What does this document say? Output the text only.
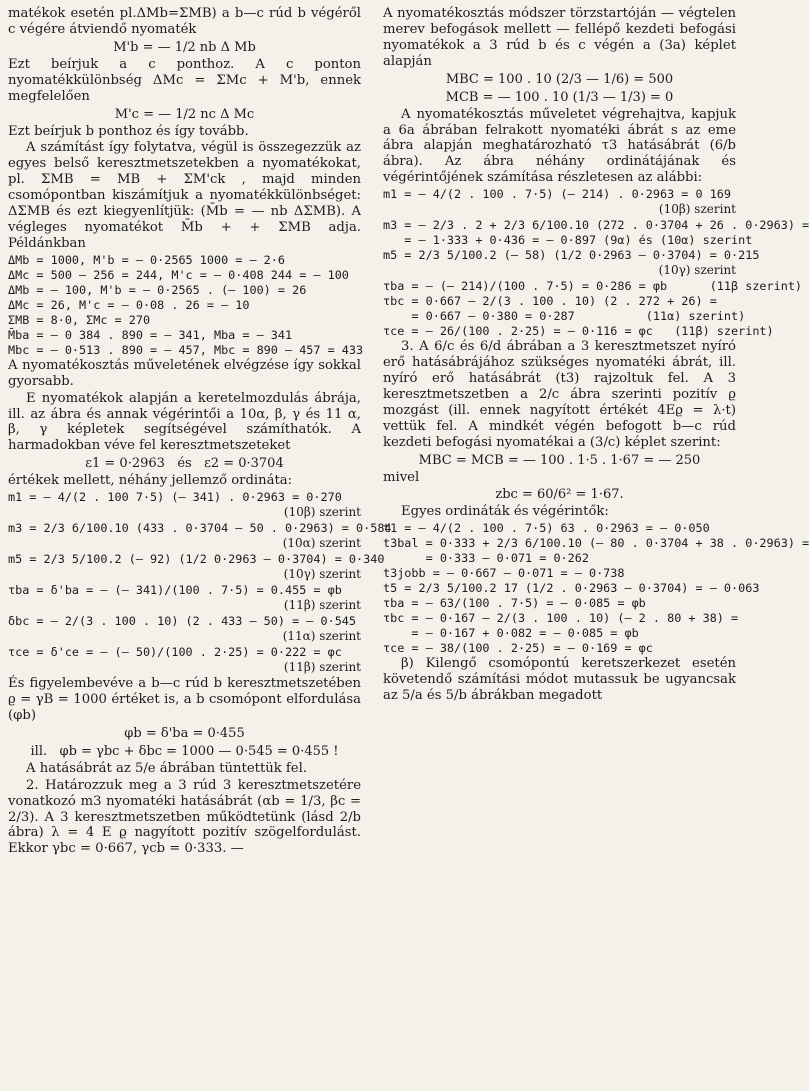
matékok esetén pl.ΔMb=ΣMB) a b—c rúd b végéről c végére átviendő nyomaték
M'b = — 1/2 nb Δ Mb
Ezt beírjuk a c ponthoz. A c ponton nyomatékkülönbség ΔMc = ΣMc + M'b, ennek megfelelően
M'c = — 1/2 nc Δ Mc
Ezt beírjuk b ponthoz és így tovább.
A számítást így folytatva, végül is összegezzük az egyes belső keresztmetszetekben a nyomatékokat, pl. ΣMB = MB + ΣM'ck , majd minden csomópontban kiszámítjuk a nyomatékkülönbséget: ΔΣMB és ezt kiegyenlítjük: (M̄b = — nb ΔΣMB). A végleges nyomatékot M̄b + + ΣMB adja. Példánkban
ΔMb = 1000, M'b = — 0·2565 1000 = — 2·6
ΔMc = 500 — 256 = 244, M'c = — 0·408 244 = — 100
ΔMb = — 100, M'b = — 0·2565 . (— 100) = 26
ΔMc = 26, M'c = — 0·08 . 26 = — 10
ΣMB = 8·0, ΣMc = 270
M̄ba = — 0 384 . 890 = — 341, Mba = — 341
Mbc = — 0·513 . 890 = — 457, Mbc = 890 — 457 = 433
A nyomatékosztás műveletének elvégzése így sokkal gyorsabb.
E nyomatékok alapján a keretelmozdulás ábrája, ill. az ábra és annak végérintői a 10α, β, γ és 11 α, β, γ képletek segítségével számíthatók. A harmadokban véve fel keresztmetszeteket
ε1 = 0·2963   és   ε2 = 0·3704
értékek mellett, néhány jellemző ordináta:
m1 = — 4/(2 . 100 7·5) (— 341) . 0·2963 = 0·270
(10β) szerint
m3 = 2/3 6/100.10 (433 . 0·3704 — 50 . 0·2963) = 0·584
(10α) szerint
m5 = 2/3 5/100.2 (— 92) (1/2 0·2963 — 0·3704) = 0·340
(10γ) szerint
τba = δ'ba = — (— 341)/(100 . 7·5) = 0.455 = φb
(11β) szerint
δbc = — 2/(3 . 100 . 10) (2 . 433 — 50) = — 0·545
(11α) szerint
τce = δ'ce = — (— 50)/(100 . 2·25) = 0·222 = φc
(11β) szerint
És figyelembevéve a b—c rúd b keresztmetszetében ϱ = γB = 1000 értéket is, a b csomópont elfordulása (φb)
φb = δ'ba = 0·455
ill.   φb = γbc + δbc = 1000 — 0·545 = 0·455 !
A hatásábrát az 5/e ábrában tüntettük fel.
2. Határozzuk meg a 3 rúd 3 keresztmetszetére vonatkozó m3 nyomatéki hatásábrát (αb = 1/3, βc = 2/3). A 3 keresztmetszetben működtetünk (lásd 2/b ábra) λ = 4 E ϱ nagyított pozitív szögelfordulást. Ekkor γbc = 0·667, γcb = 0·333. —
A nyomatékosztás módszer törzstartóján — végtelen merev befogások mellett — fellépő kezdeti befogási nyomatékok a 3 rúd b és c végén a (3a) képlet alapján
MBC = 100 . 10 (2/3 — 1/6) = 500
MCB = — 100 . 10 (1/3 — 1/3) = 0
A nyomatékosztás műveletet végrehajtva, kapjuk a 6a ábrában felrakott nyomatéki ábrát s az eme ábra alapján meghatározható τ3 hatásábrát (6/b ábra). Az ábra néhány ordinátájának és végérintőjének számítása részletesen az alábbi:
m1 = — 4/(2 . 100 . 7·5) (— 214) . 0·2963 = 0 169
(10β) szerint
m3 = — 2/3 . 2 + 2/3 6/100.10 (272 . 0·3704 + 26 . 0·2963) =
= — 1·333 + 0·436 = — 0·897 (9α) és (10α) szerint
m5 = 2/3 5/100.2 (— 58) (1/2 0·2963 — 0·3704) = 0·215
(10γ) szerint
τba = — (— 214)/(100 . 7·5) = 0·286 = φb      (11β szerint)
τbc = 0·667 — 2/(3 . 100 . 10) (2 . 272 + 26) =
= 0·667 — 0·380 = 0·287          (11α) szerint)
τce = — 26/(100 . 2·25) = — 0·116 = φc   (11β) szerint)
3. A 6/c és 6/d ábrában a 3 keresztmetszet nyíró erő hatásábrájához szükséges nyomatéki ábrát, ill. nyíró erő hatásábrát (t3) rajzoltuk fel. A 3 keresztmetszetben a 2/c ábra szerinti pozitív ϱ mozgást (ill. ennek nagyított értékét 4Eϱ = λ·t) vettük fel. A mindkét végén befogott b—c rúd kezdeti befogási nyomatékai a (3/c) képlet szerint:
MBC = MCB = — 100 . 1·5 . 1·67 = — 250
mivel
zbc = 60/6² = 1·67.
Egyes ordináták és végérintők:
t1 = — 4/(2 . 100 . 7·5) 63 . 0·2963 = — 0·050
t3bal = 0·333 + 2/3 6/100.10 (— 80 . 0·3704 + 38 . 0·2963) =
= 0·333 — 0·071 = 0·262
t3jobb = — 0·667 — 0·071 = — 0·738
t5 = 2/3 5/100.2 17 (1/2 . 0·2963 — 0·3704) = — 0·063
τba = — 63/(100 . 7·5) = — 0·085 = φb
τbc = — 0·167 — 2/(3 . 100 . 10) (— 2 . 80 + 38) =
= — 0·167 + 0·082 = — 0·085 = φb
τce = — 38/(100 . 2·25) = — 0·169 = φc
β) Kilengő csomópontú keretszerkezet esetén követendő számítási módot mutassuk be ugyancsak az 5/a és 5/b ábrákban megadott
